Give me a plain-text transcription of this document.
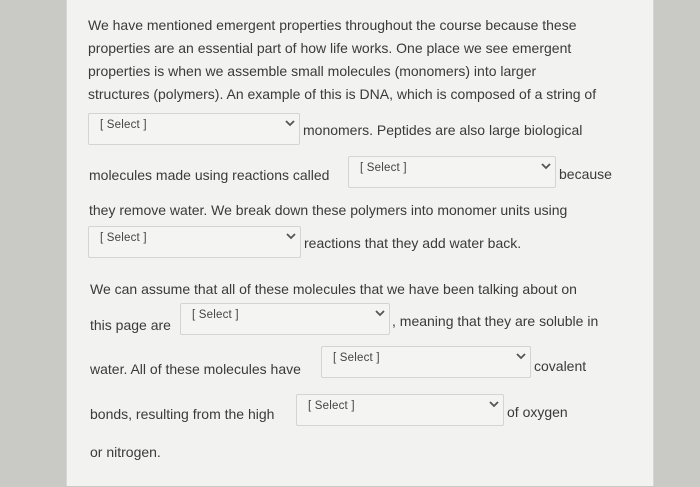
We have mentioned emergent properties throughout the course because these
properties are an essential part of how life works. One place we see emergent
properties is when we assemble small molecules (monomers) into larger
structures (polymers). An example of this is DNA, which is composed of a string of
[ Select ]	monomers. Peptides are also large biological
molecules made using reactions called	[ Select ]	because
they remove water. We break down these polymers into monomer units using
[ Select ]	reactions that they add water back.
We can assume that all of these molecules that we have been talking about on
this page are
[ Select ]	, meaning that they are soluble in
water. All of these molecules have
[ Select ]	covalent
bonds, resulting from the high	[ Select ]	of oxygen
or nitrogen.
